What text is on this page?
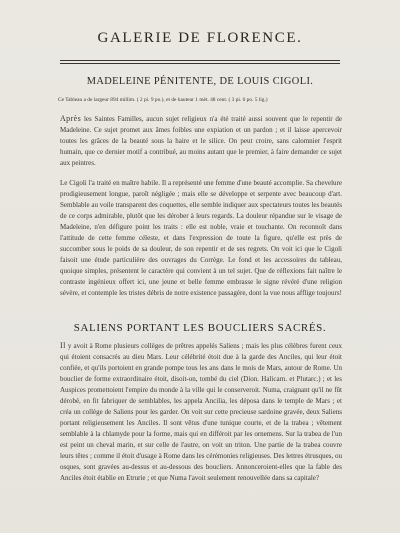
GALERIE DE FLORENCE.
MADELEINE PÉNITENTE, DE LOUIS CIGOLI.
Ce Tableau a de largeur 894 millim. ( 2 pi. 9 po.), et de hauteur 1 mèt. 48 cent. ( 3 pi. 6 po. 5 lig.)
Après les Saintes Familles, aucun sujet religieux n'a été traité aussi souvent que le repentir de Madeleine. Ce sujet promet aux âmes foibles une expiation et un pardon ; et il laisse apercevoir toutes les grâces de la beauté sous la haire et le silice. On peut croire, sans calomnier l'esprit humain, que ce dernier motif a contribué, au moins autant que le premier, à faire demander ce sujet aux peintres.
Le Cigoli l'a traité en maître habile. Il a représenté une femme d'une beauté accomplie. Sa chevelure prodigieusement longue, paroît négligée ; mais elle se développe et serpente avec beaucoup d'art. Semblable au voile transparent des coquettes, elle semble indiquer aux spectateurs toutes les beautés de ce corps admirable, plutôt que les dérober à leurs regards. La douleur répandue sur le visage de Madeleine, n'en défigure point les traits : elle est noble, vraie et touchante. On reconnoît dans l'attitude de cette femme céleste, et dans l'expression de toute la figure, qu'elle est près de succomber sous le poids de sa douleur, de son repentir et de ses regrets. On voit ici que le Cigoli faisoit une étude particulière des ouvrages du Corrège. Le fond et les accessoires du tableau, quoique simples, présentent le caractère qui convient à un tel sujet. Que de réflexions fait naître le contraste ingénieux offert ici, une jeune et belle femme embrasse le signe révéré d'une religion sévère, et contemple les tristes débris de notre existence passagère, dont la vue nous afflige toujours!
SALIENS PORTANT LES BOUCLIERS SACRÉS.
Il y avoit à Rome plusieurs collèges de prêtres appelés Saliens ; mais les plus célèbres furent ceux qui étoient consacrés au dieu Mars. Leur célébrité étoit due à la garde des Anciles, qui leur étoit confiée, et qu'ils portoient en grande pompe tous les ans dans le mois de Mars, autour de Rome. Un bouclier de forme extraordinaire étoit, disoit-on, tombé du ciel (Dion. Halicarn. et Plutarc.) ; et les Auspices promettoient l'empire du monde à la ville qui le conserveroit. Numa, craignant qu'il ne fût dérobé, en fit fabriquer de semblables, les appela Ancilia, les déposa dans le temple de Mars ; et créa un collège de Saliens pour les garder. On voit sur cette precieuse sardoine gravée, deux Saliens portant religieusement les Anciles. Il sont vêtus d'une tunique courte, et de la trabea ; vêtement semblable à la chlamyde pour la forme, mais qui en différoit par les ornemens. Sur la trabea de l'un est peint un cheval marin, et sur celle de l'autre, on voit un triton. Une partie de la trabea couvre leurs têtes ; comme il étoit d'usage à Rome dans les cérémonies religieuses. Des lettres étrusques, ou osques, sont gravées au-dessus et au-dessous des boucliers. Annonceroient-elles que la fable des Anciles étoit établie en Etrurie ; et que Numa l'avoit seulement renouvellée dans sa capitale?
